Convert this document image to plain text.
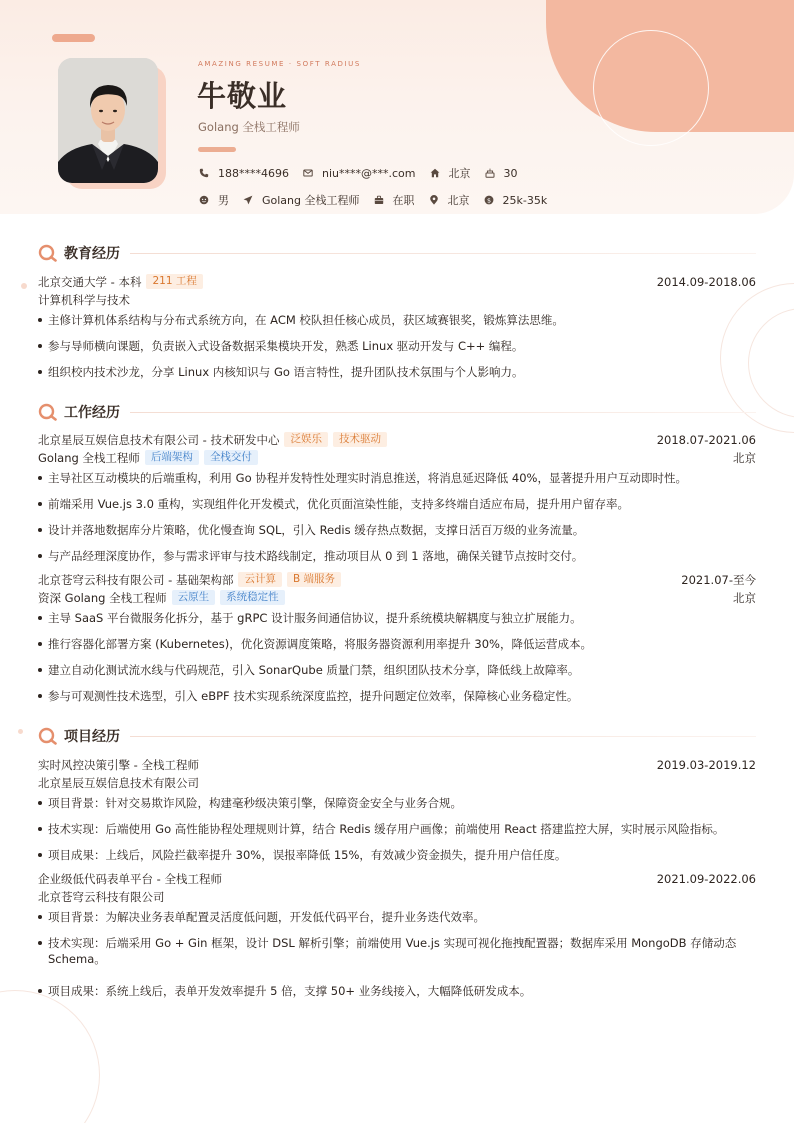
AMAZING RESUME · SOFT RADIUS
牛敬业
Golang 全栈工程师
188****4696	niu****@***.com	北京	30
男	Golang 全栈工程师	在职	北京	$ 25k-35k
教育经历
北京交通大学 - 本科	211 工程	2014.09-2018.06
计算机科学与技术
主修计算机体系结构与分布式系统方向，在 ACM 校队担任核心成员，获区域赛银奖，锻炼算法思维。
参与导师横向课题，负责嵌入式设备数据采集模块开发，熟悉 Linux 驱动开发与 C++ 编程。
组织校内技术沙龙，分享 Linux 内核知识与 Go 语言特性，提升团队技术氛围与个人影响力。
工作经历
北京星辰互娱信息技术有限公司 - 技术研发中心	泛娱乐	技术驱动	2018.07-2021.06
Golang 全栈工程师	后端架构	全栈交付	北京
主导社区互动模块的后端重构，利用 Go 协程并发特性处理实时消息推送，将消息延迟降低 40%，显著提升用户互动即时性。
前端采用 Vue.js 3.0 重构，实现组件化开发模式，优化页面渲染性能，支持多终端自适应布局，提升用户留存率。
设计并落地数据库分片策略，优化慢查询 SQL，引入 Redis 缓存热点数据，支撑日活百万级的业务流量。
与产品经理深度协作，参与需求评审与技术路线制定，推动项目从 0 到 1 落地，确保关键节点按时交付。
北京苍穹云科技有限公司 - 基础架构部	云计算	B 端服务	2021.07-至今
资深 Golang 全栈工程师	云原生	系统稳定性	北京
主导 SaaS 平台微服务化拆分，基于 gRPC 设计服务间通信协议，提升系统模块解耦度与独立扩展能力。
推行容器化部署方案 (Kubernetes)，优化资源调度策略，将服务器资源利用率提升 30%，降低运营成本。
建立自动化测试流水线与代码规范，引入 SonarQube 质量门禁，组织团队技术分享，降低线上故障率。
参与可观测性技术选型，引入 eBPF 技术实现系统深度监控，提升问题定位效率，保障核心业务稳定性。
项目经历
实时风控决策引擎 - 全栈工程师	2019.03-2019.12
北京星辰互娱信息技术有限公司
项目背景：针对交易欺诈风险，构建毫秒级决策引擎，保障资金安全与业务合规。
技术实现：后端使用 Go 高性能协程处理规则计算，结合 Redis 缓存用户画像；前端使用 React 搭建监控大屏，实时展示风险指标。
项目成果：上线后，风险拦截率提升 30%，误报率降低 15%，有效减少资金损失，提升用户信任度。
企业级低代码表单平台 - 全栈工程师	2021.09-2022.06
北京苍穹云科技有限公司
项目背景：为解决业务表单配置灵活度低问题，开发低代码平台，提升业务迭代效率。
技术实现：后端采用 Go + Gin 框架，设计 DSL 解析引擎；前端使用 Vue.js 实现可视化拖拽配置器；数据库采用 MongoDB 存储动态 Schema。
项目成果：系统上线后，表单开发效率提升 5 倍，支撑 50+ 业务线接入，大幅降低研发成本。
